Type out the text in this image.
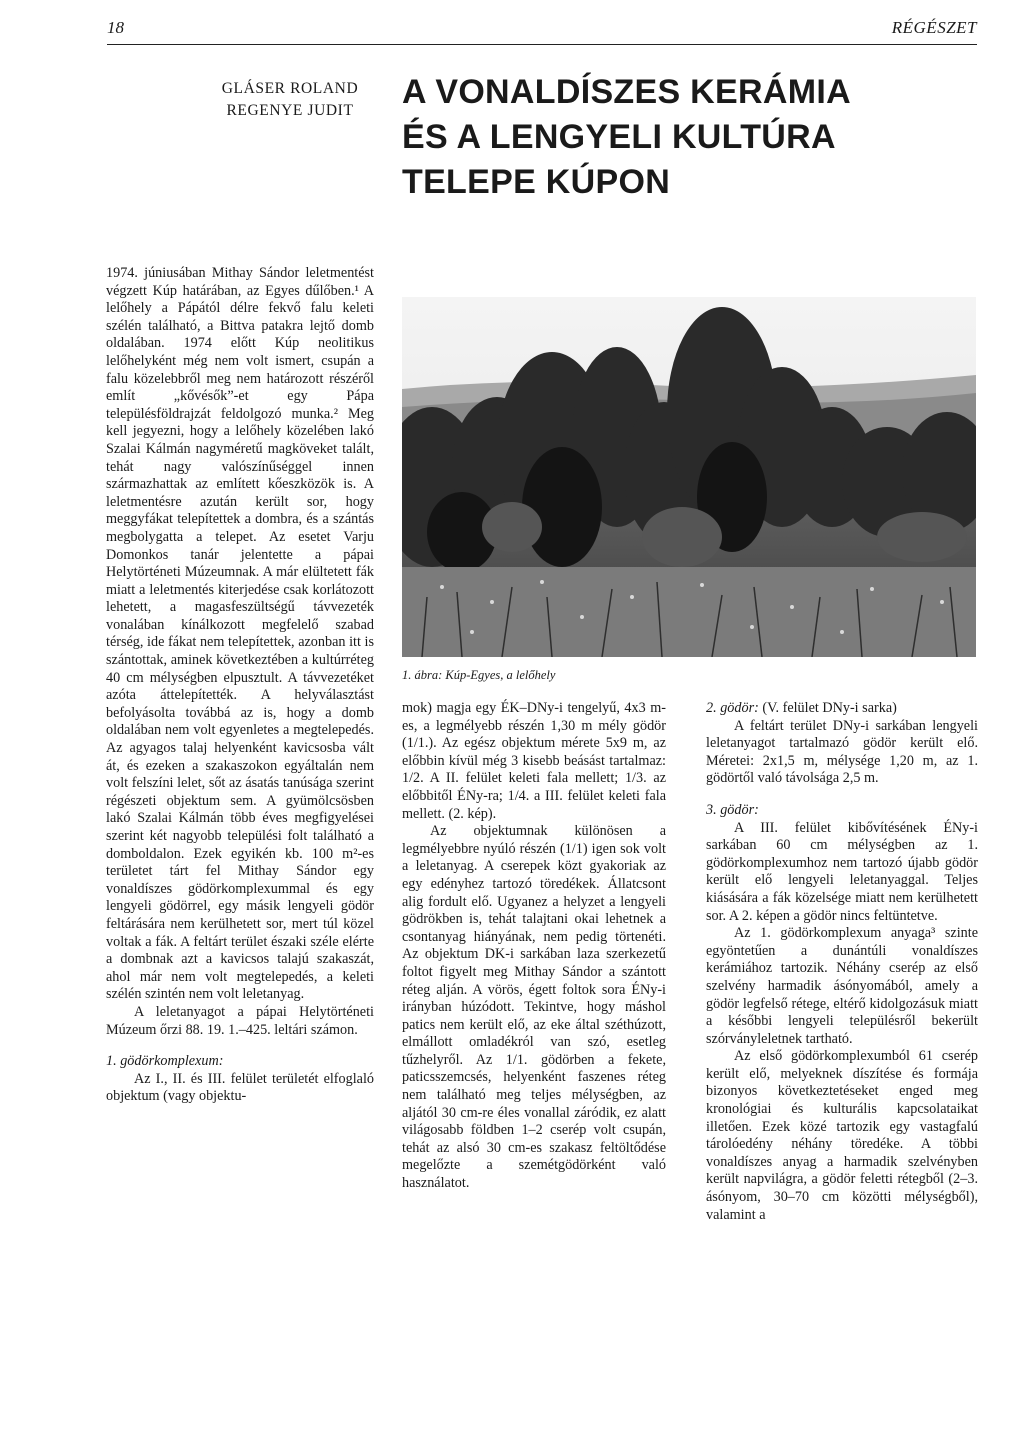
18	RÉGÉSZET
GLÁSER ROLAND
REGENYE JUDIT	A VONALDÍSZES KERÁMIA
ÉS A LENGYELI KULTÚRA
TELEPE KÚPON

1974. júniusában Mithay Sándor leletmentést végzett Kúp határában, az Egyes dűlőben.¹ A lelőhely a Pápától délre fekvő falu keleti szélén található, a Bittva patakra lejtő domb oldalában. 1974 előtt Kúp neolitikus lelőhelyként még nem volt ismert, csupán a falu közelebbről meg nem határozott részéről említ „kővésők”-et egy Pápa településföldrajzát feldolgozó munka.² Meg kell jegyezni, hogy a lelőhely közelében lakó Szalai Kálmán nagyméretű magköveket talált, tehát nagy valószínűséggel innen származhattak az említett kőeszközök is. A leletmentésre azután került sor, hogy meggyfákat telepítettek a dombra, és a szántás megbolygatta a telepet. Az esetet Varju Domonkos tanár jelentette a pápai Helytörténeti Múzeumnak. A már elültetett fák miatt a leletmentés kiterjedése csak korlátozott lehetett, a magasfeszültségű távvezeték vonalában kínálkozott megfelelő szabad térség, ide fákat nem telepítettek, azonban itt is szántottak, aminek következtében a kultúrréteg 40 cm mélységben elpusztult. A távvezetéket azóta áttelepítették. A helyválasztást befolyásolta továbbá az is, hogy a domb oldalában nem volt egyenletes a megtelepedés. Az agyagos talaj helyenként kavicsosba vált át, és ezeken a szakaszokon egyáltalán nem volt felszíni lelet, sőt az ásatás tanúsága szerint régészeti objektum sem. A gyümölcsösben lakó Szalai Kálmán több éves megfigyelései szerint két nagyobb települési folt található a domboldalon. Ezek egyikén kb. 100 m²-es területet tárt fel Mithay Sándor egy vonaldíszes gödörkomplexummal és egy lengyeli gödörrel, egy másik lengyeli gödör feltárására nem kerülhetett sor, mert túl közel voltak a fák. A feltárt terület északi széle elérte a dombnak azt a kavicsos talajú szakaszát, ahol már nem volt megtelepedés, a keleti szélén szintén nem volt leletanyag.

A leletanyagot a pápai Helytörténeti Múzeum őrzi 88. 19. 1.–425. leltári számon.

1. gödörkomplexum:

Az I., II. és III. felület területét elfoglaló objektum (vagy objektu-

1. ábra: Kúp-Egyes, a lelőhely

mok) magja egy ÉK–DNy-i tengelyű, 4x3 m-es, a legmélyebb részén 1,30 m mély gödör (1/1.). Az egész objektum mérete 5x9 m, az előbbin kívül még 3 kisebb beásást tartalmaz: 1/2. A II. felület keleti fala mellett; 1/3. az előbbitől ÉNy-ra; 1/4. a III. felület keleti fala mellett. (2. kép).

Az objektumnak különösen a legmélyebbre nyúló részén (1/1) igen sok volt a leletanyag. A cserepek közt gyakoriak az egy edényhez tartozó töredékek. Állatcsont alig fordult elő. Ugyanez a helyzet a lengyeli gödrökben is, tehát talajtani okai lehetnek a csontanyag hiányának, nem pedig törtenéti. Az objektum DK-i sarkában laza szerkezetű foltot figyelt meg Mithay Sándor a szántott réteg alján. A vörös, égett foltok sora ÉNy-i irányban húzódott. Tekintve, hogy máshol patics nem került elő, az eke által széthúzott, elmállott omladékról van szó, esetleg tűzhelyről. Az 1/1. gödörben a fekete, paticsszemcsés, helyenként faszenes réteg nem található meg teljes mélységben, az aljától 30 cm-re éles vonallal záródik, ez alatt világosabb földben 1–2 cserép volt csupán, tehát az alsó 30 cm-es szakasz feltöltődése megelőzte a szemétgödörként való használatot.

2. gödör: (V. felület DNy-i sarka)

A feltárt terület DNy-i sarkában lengyeli leletanyagot tartalmazó gödör került elő. Méretei: 2x1,5 m, mélysége 1,20 m, az 1. gödörtől való távolsága 2,5 m.

3. gödör:

A III. felület kibővítésének ÉNy-i sarkában 60 cm mélységben az 1. gödörkomplexumhoz nem tartozó újabb gödör került elő lengyeli leletanyaggal. Teljes kiásására a fák közelsége miatt nem kerülhetett sor. A 2. képen a gödör nincs feltüntetve.

Az 1. gödörkomplexum anyaga³ szinte egyöntetűen a dunántúli vonaldíszes kerámiához tartozik. Néhány cserép az első szelvény harmadik ásónyomából, amely a gödör legfelső rétege, eltérő kidolgozásuk miatt a későbbi lengyeli településről bekerült szórványleletnek tartható.

Az első gödörkomplexumból 61 cserép került elő, melyeknek díszítése és formája bizonyos következtetéseket enged meg kronológiai és kulturális kapcsolataikat illetően. Ezek közé tartozik egy vastagfalú tárolóedény néhány töredéke. A többi vonaldíszes anyag a harmadik szelvényben került napvilágra, a gödör feletti rétegből (2–3. ásónyom, 30–70 cm közötti mélységből), valamint a
